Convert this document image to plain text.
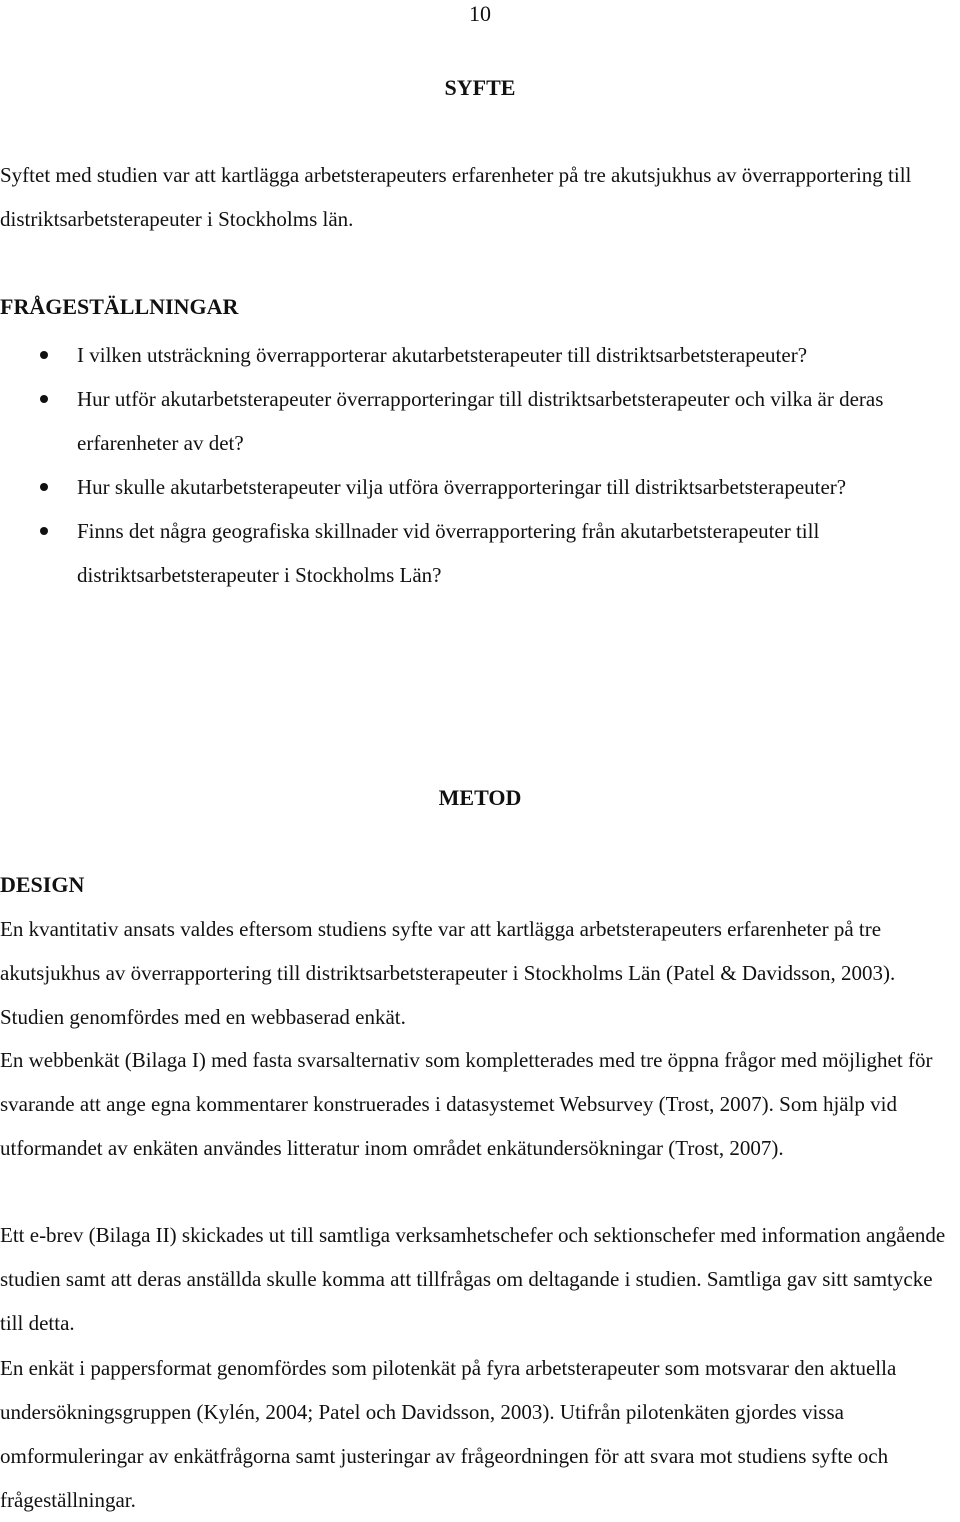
10
SYFTE

Syftet med studien var att kartlägga arbetsterapeuters erfarenheter på tre akutsjukhus av överrapportering till distriktsarbetsterapeuter i Stockholms län.

FRÅGESTÄLLNINGAR
I vilken utsträckning överrapporterar akutarbetsterapeuter till distriktsarbetsterapeuter?
Hur utför akutarbetsterapeuter överrapporteringar till distriktsarbetsterapeuter och vilka är deras erfarenheter av det?
Hur skulle akutarbetsterapeuter vilja utföra överrapporteringar till distriktsarbetsterapeuter?
Finns det några geografiska skillnader vid överrapportering från akutarbetsterapeuter till distriktsarbetsterapeuter i Stockholms Län?
METOD
DESIGN

En kvantitativ ansats valdes eftersom studiens syfte var att kartlägga arbetsterapeuters erfarenheter på tre akutsjukhus av överrapportering till distriktsarbetsterapeuter i Stockholms Län (Patel & Davidsson, 2003). Studien genomfördes med en webbaserad enkät.

En webbenkät (Bilaga I) med fasta svarsalternativ som kompletterades med tre öppna frågor med möjlighet för svarande att ange egna kommentarer konstruerades i datasystemet Websurvey (Trost, 2007). Som hjälp vid utformandet av enkäten användes litteratur inom området enkätundersökningar (Trost, 2007).

Ett e-brev (Bilaga II) skickades ut till samtliga verksamhetschefer och sektionschefer med information angående studien samt att deras anställda skulle komma att tillfrågas om deltagande i studien. Samtliga gav sitt samtycke till detta.

En enkät i pappersformat genomfördes som pilotenkät på fyra arbetsterapeuter som motsvarar den aktuella undersökningsgruppen (Kylén, 2004; Patel och Davidsson, 2003). Utifrån pilotenkäten gjordes vissa omformuleringar av enkätfrågorna samt justeringar av frågeordningen för att svara mot studiens syfte och frågeställningar.
